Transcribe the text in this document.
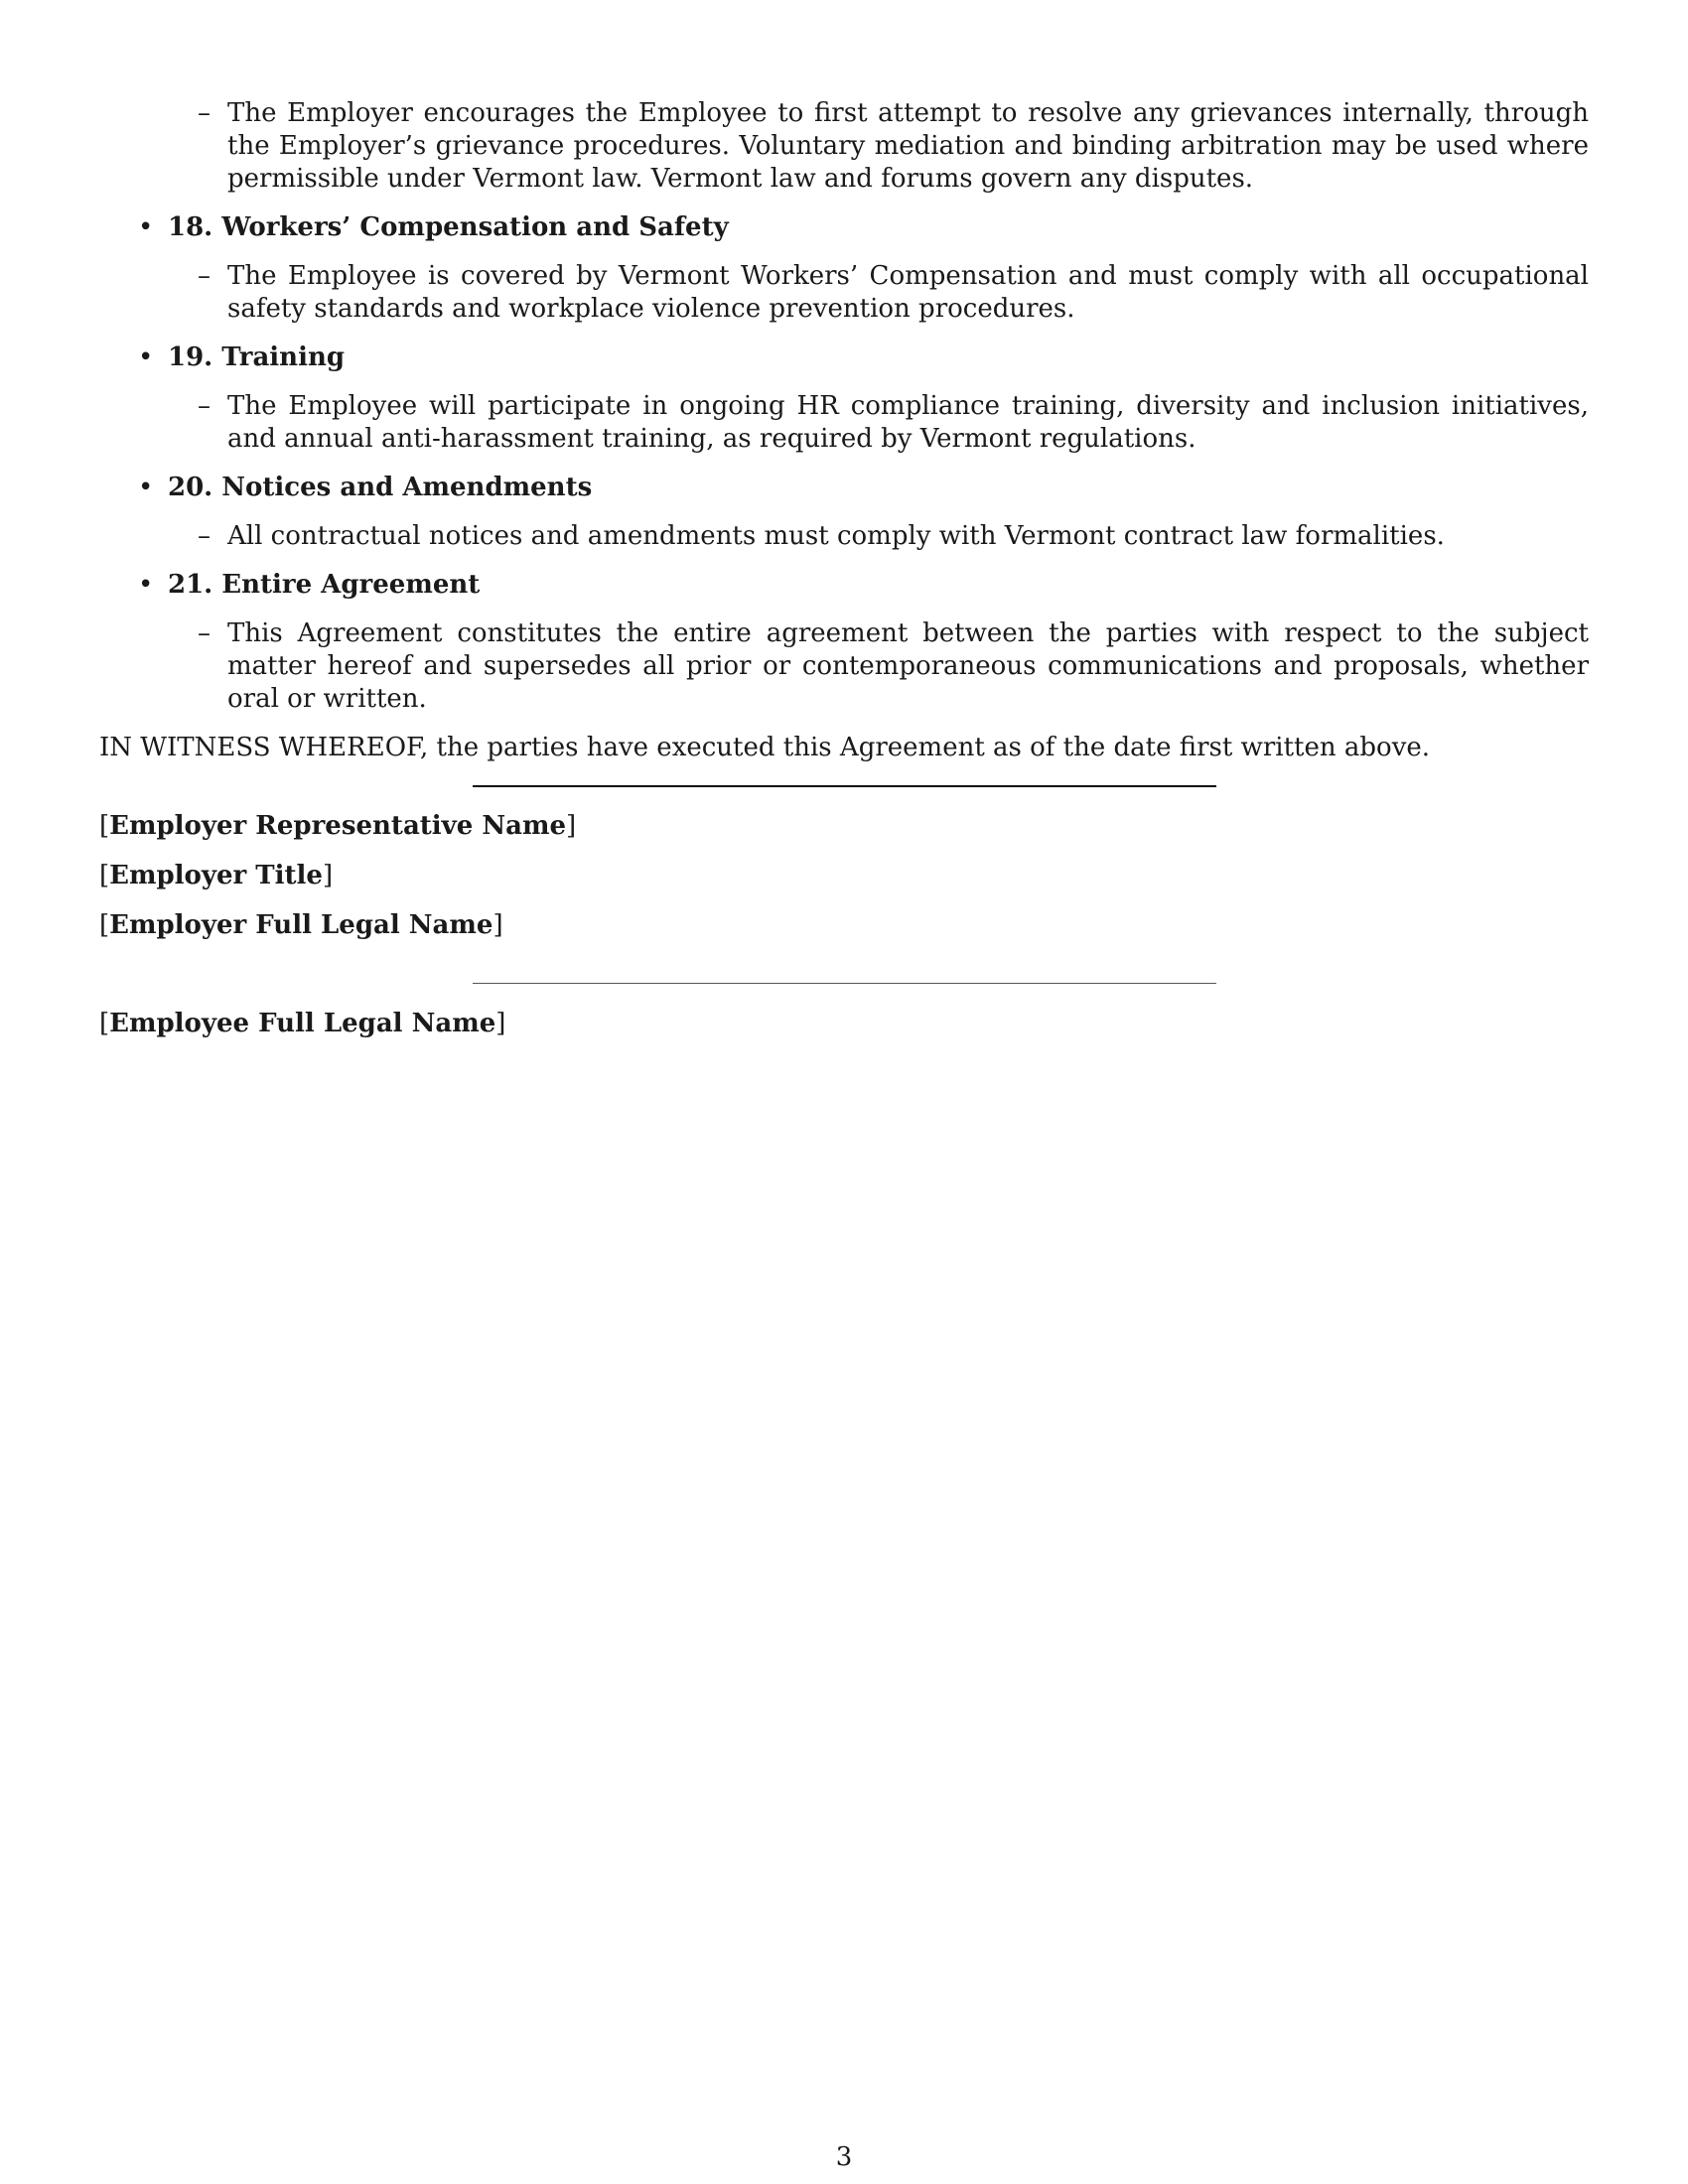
– The Employer encourages the Employee to first attempt to resolve any grievances internally, through the Employer’s grievance procedures. Voluntary mediation and binding arbitration may be used where permissible under Vermont law. Vermont law and forums govern any disputes.
• 18. Workers’ Compensation and Safety
– The Employee is covered by Vermont Workers’ Compensation and must comply with all occupational safety standards and workplace violence prevention procedures.
• 19. Training
– The Employee will participate in ongoing HR compliance training, diversity and inclusion initiatives, and annual anti-harassment training, as required by Vermont regulations.
• 20. Notices and Amendments
– All contractual notices and amendments must comply with Vermont contract law formalities.
• 21. Entire Agreement
– This Agreement constitutes the entire agreement between the parties with respect to the subject matter hereof and supersedes all prior or contemporaneous communications and proposals, whether oral or written.
IN WITNESS WHEREOF, the parties have executed this Agreement as of the date first written above.
[Employer Representative Name]
[Employer Title]
[Employer Full Legal Name]
[Employee Full Legal Name]
3
